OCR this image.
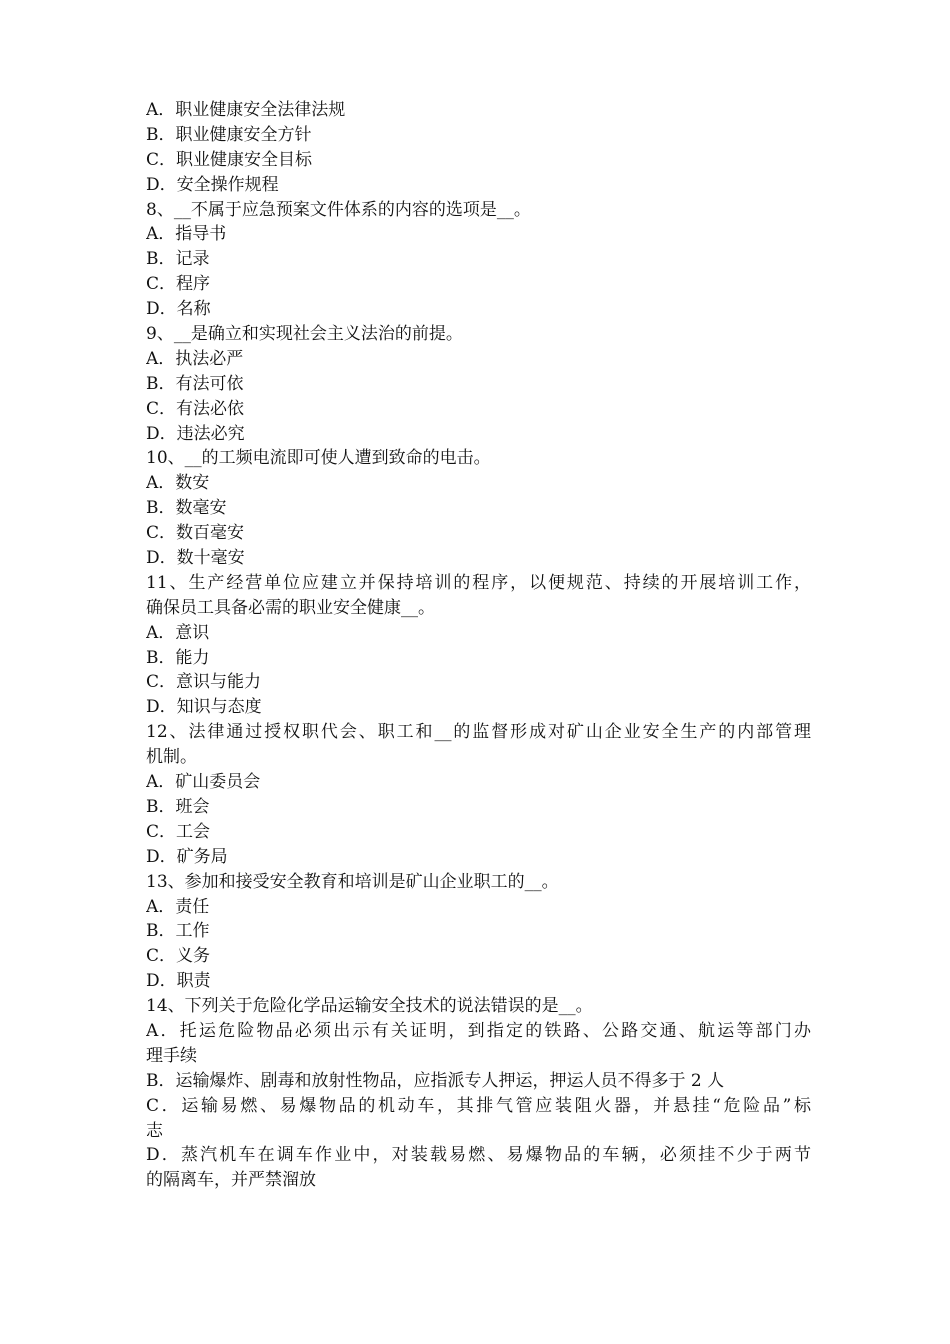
A．职业健康安全法律法规
B．职业健康安全方针
C．职业健康安全目标
D．安全操作规程
8、__不属于应急预案文件体系的内容的选项是__。
A．指导书
B．记录
C．程序
D．名称
9、__是确立和实现社会主义法治的前提。
A．执法必严
B．有法可依
C．有法必依
D．违法必究
10、__的工频电流即可使人遭到致命的电击。
A．数安
B．数毫安
C．数百毫安
D．数十毫安
11、生产经营单位应建立并保持培训的程序，以便规范、持续的开展培训工作，
确保员工具备必需的职业安全健康__。
A．意识
B．能力
C．意识与能力
D．知识与态度
12、法律通过授权职代会、职工和__的监督形成对矿山企业安全生产的内部管理
机制。
A．矿山委员会
B．班会
C．工会
D．矿务局
13、参加和接受安全教育和培训是矿山企业职工的__。
A．责任
B．工作
C．义务
D．职责
14、下列关于危险化学品运输安全技术的说法错误的是__。
A．托运危险物品必须出示有关证明，到指定的铁路、公路交通、航运等部门办
理手续
B．运输爆炸、剧毒和放射性物品，应指派专人押运，押运人员不得多于 2 人
C．运输易燃、易爆物品的机动车，其排气管应装阻火器，并悬挂“危险品”标
志
D．蒸汽机车在调车作业中，对装载易燃、易爆物品的车辆，必须挂不少于两节
的隔离车，并严禁溜放
